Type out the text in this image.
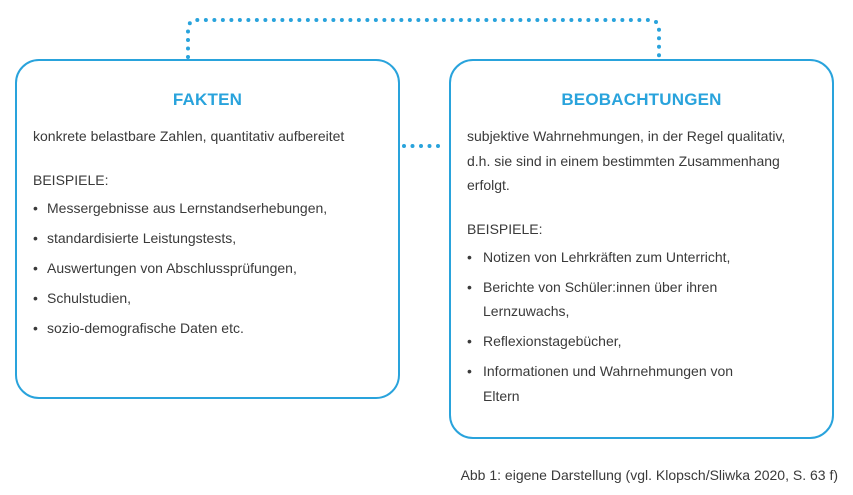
FAKTEN
konkrete belastbare Zahlen, quantitativ aufbereitet
BEISPIELE:
• Messergebnisse aus Lernstandserhebungen,
• standardisierte Leistungstests,
• Auswertungen von Abschlussprüfungen,
• Schulstudien,
• sozio-demografische Daten etc.
BEOBACHTUNGEN
subjektive Wahrnehmungen, in der Regel qualitativ, d.h. sie sind in einem bestimmten Zusammenhang erfolgt.
BEISPIELE:
• Notizen von Lehrkräften zum Unterricht,
• Berichte von Schüler:innen über ihren Lernzuwachs,
• Reflexionstagebücher,
• Informationen und Wahrnehmungen von Eltern
Abb 1: eigene Darstellung (vgl. Klopsch/Sliwka 2020, S. 63 f)
